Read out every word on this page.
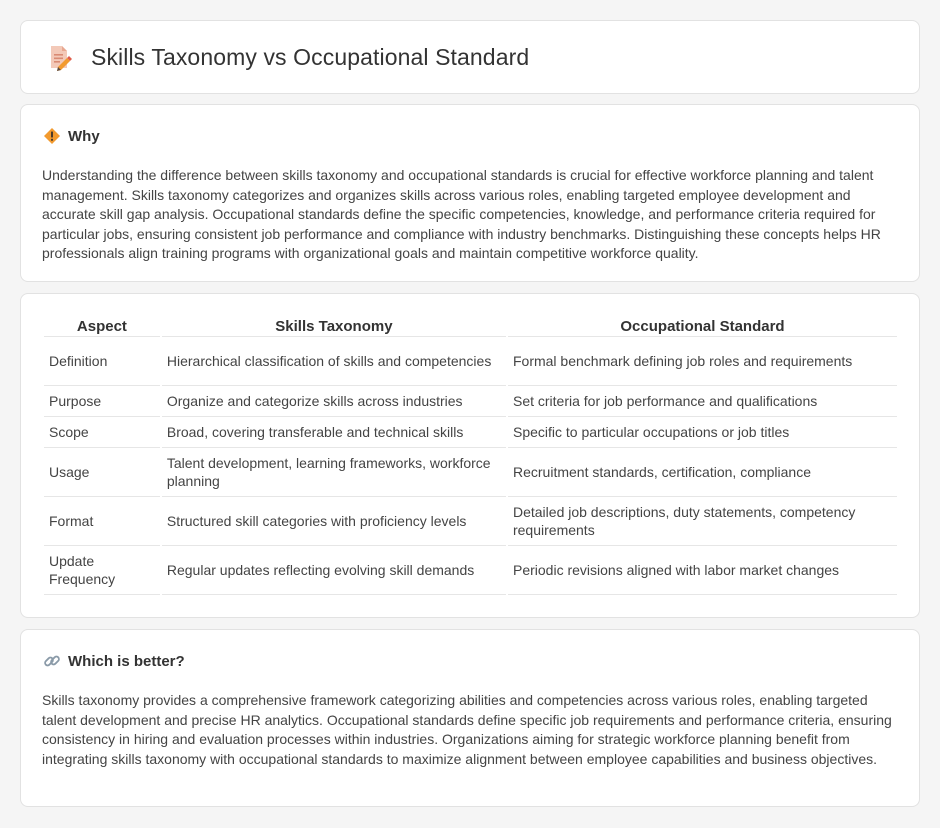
Skills Taxonomy vs Occupational Standard
Why

Understanding the difference between skills taxonomy and occupational standards is crucial for effective workforce planning and talent management. Skills taxonomy categorizes and organizes skills across various roles, enabling targeted employee development and accurate skill gap analysis. Occupational standards define the specific competencies, knowledge, and performance criteria required for particular jobs, ensuring consistent job performance and compliance with industry benchmarks. Distinguishing these concepts helps HR professionals align training programs with organizational goals and maintain competitive workforce quality.

Aspect	Skills Taxonomy	Occupational Standard
Definition	Hierarchical classification of skills and competencies	Formal benchmark defining job roles and requirements
Purpose	Organize and categorize skills across industries	Set criteria for job performance and qualifications
Scope	Broad, covering transferable and technical skills	Specific to particular occupations or job titles
Usage	Talent development, learning frameworks, workforce planning	Recruitment standards, certification, compliance
Format	Structured skill categories with proficiency levels	Detailed job descriptions, duty statements, competency requirements
Update Frequency	Regular updates reflecting evolving skill demands	Periodic revisions aligned with labor market changes
Which is better?

Skills taxonomy provides a comprehensive framework categorizing abilities and competencies across various roles, enabling targeted talent development and precise HR analytics. Occupational standards define specific job requirements and performance criteria, ensuring consistency in hiring and evaluation processes within industries. Organizations aiming for strategic workforce planning benefit from integrating skills taxonomy with occupational standards to maximize alignment between employee capabilities and business objectives.
